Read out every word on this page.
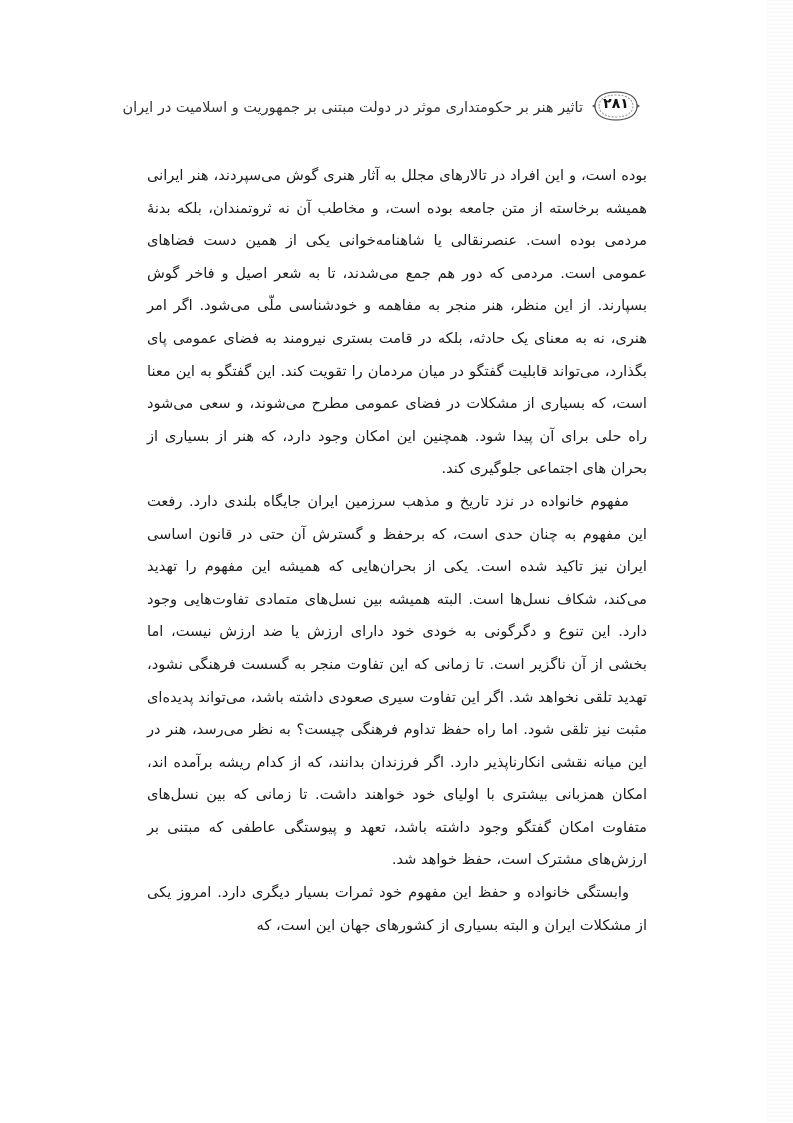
۲۸۱
تاثیر هنر بر حکومتداری موثر در دولت مبتنی بر جمهوریت و اسلامیت در ایران

بوده است، و این افراد در تالارهای مجلل به آثار هنری گوش می‌سپردند، هنر ایرانی همیشه برخاسته از متن جامعه بوده است، و مخاطب آن نه ثروتمندان، بلکه بدنهٔ مردمی بوده است. عنصرنقالی یا شاهنامه‌خوانی یکی از همین دست فضاهای عمومی است. مردمی که دور هم جمع می‌شدند، تا به شعر اصیل و فاخر گوش بسپارند. از این منظر، هنر منجر به مفاهمه و خودشناسی ملّی می‌شود. اگر امر هنری، نه به معنای یک حادثه، بلکه در قامت بستری نیرومند به فضای عمومی پای بگذارد، می‌تواند قابلیت گفتگو در میان مردمان را تقویت کند. این گفتگو به این معنا است، که بسیاری از مشکلات در فضای عمومی مطرح می‌شوند، و سعی می‌شود راه حلی برای آن پیدا شود. همچنین این امکان وجود دارد، که هنر از بسیاری از بحران های اجتماعی جلوگیری کند.

مفهوم خانواده در نزد تاریخ و مذهب سرزمین ایران جایگاه بلندی دارد. رفعت این مفهوم به چنان حدی است، که برحفظ و گسترش آن حتی در قانون اساسی ایران نیز تاکید شده است. یکی از بحران‌هایی که همیشه این مفهوم را تهدید می‌کند، شکاف نسل‌ها است. البته همیشه بین نسل‌های متمادی تفاوت‌هایی وجود دارد. این تنوع و دگرگونی به خودی خود دارای ارزش یا ضد ارزش نیست، اما بخشی از آن ناگزیر است. تا زمانی که این تفاوت منجر به گسست فرهنگی نشود، تهدید تلقی نخواهد شد. اگر این تفاوت سیری صعودی داشته باشد، می‌تواند پدیده‌ای مثبت نیز تلقی شود. اما راه حفظ تداوم فرهنگی چیست؟ به نظر می‌رسد، هنر در این میانه نقشی انکارناپذیر دارد. اگر فرزندان بدانند، که از کدام ریشه برآمده اند، امکان همزبانی بیشتری با اولیای خود خواهند داشت. تا زمانی که بین نسل‌های متفاوت امکان گفتگو وجود داشته باشد، تعهد و پیوستگی عاطفی که مبتنی بر ارزش‌های مشترک است، حفظ خواهد شد.

وابستگی خانواده و حفظ این مفهوم خود ثمرات بسیار دیگری دارد. امروز یکی از مشکلات ایران و البته بسیاری از کشورهای جهان این است، که
